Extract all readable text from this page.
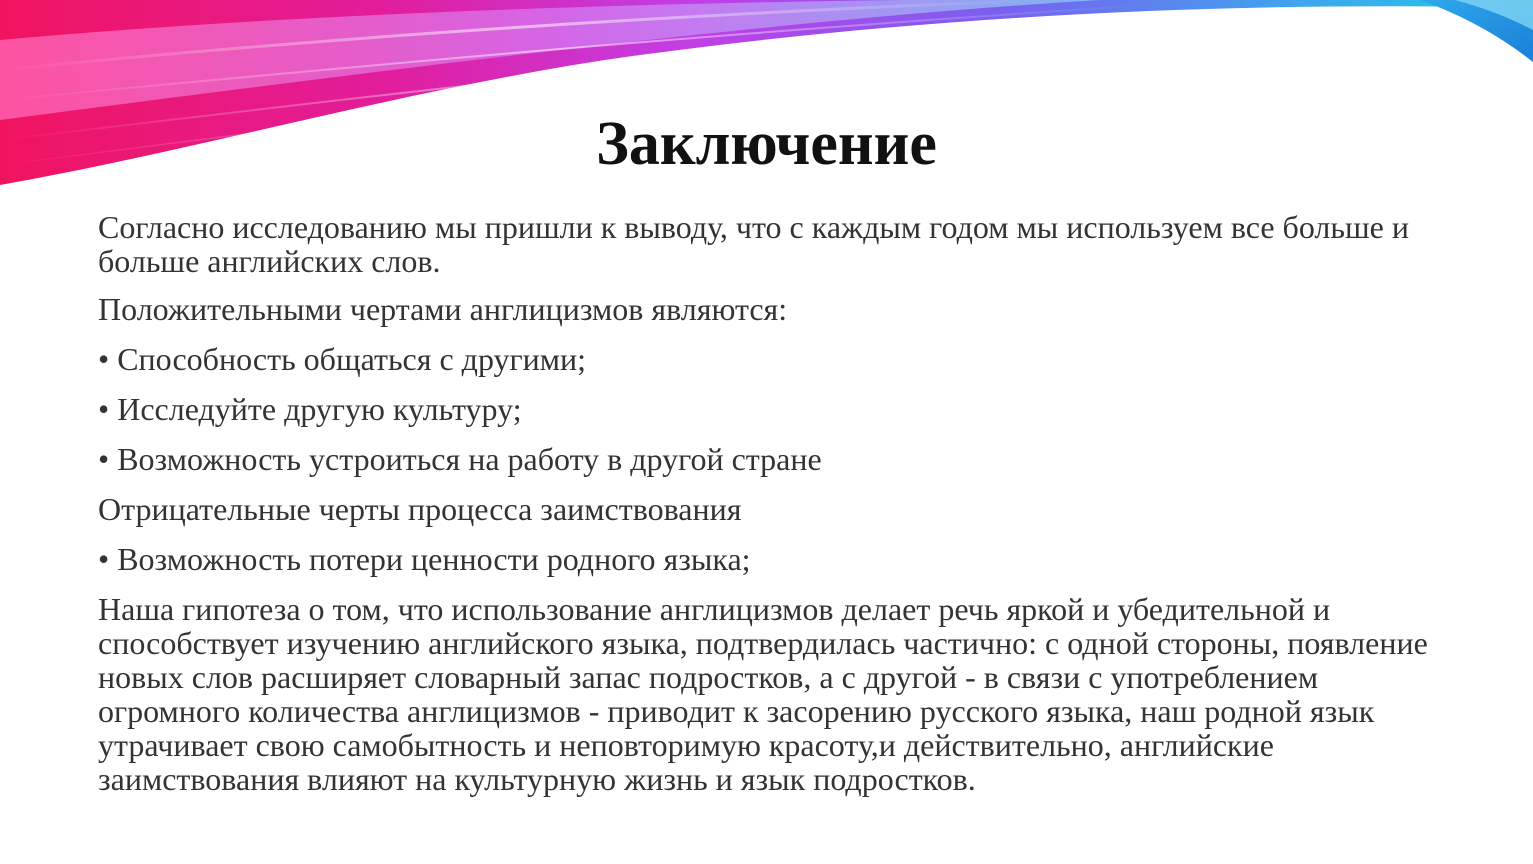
Заключение

Согласно исследованию мы пришли к выводу, что с каждым годом мы используем все больше и больше английских слов.

Положительными чертами англицизмов являются:

• Способность общаться с другими;

• Исследуйте другую культуру;

• Возможность устроиться на работу в другой стране

Отрицательные черты процесса заимствования

• Возможность потери ценности родного языка;

Наша гипотеза о том, что использование англицизмов делает речь яркой и убедительной и способствует изучению английского языка, подтвердилась частично: с одной стороны, появление новых слов расширяет словарный запас подростков, а с другой - в связи с употреблением огромного количества англицизмов - приводит к засорению русского языка, наш родной язык утрачивает свою самобытность и неповторимую красоту,и действительно, английские заимствования влияют на культурную жизнь и язык подростков.
